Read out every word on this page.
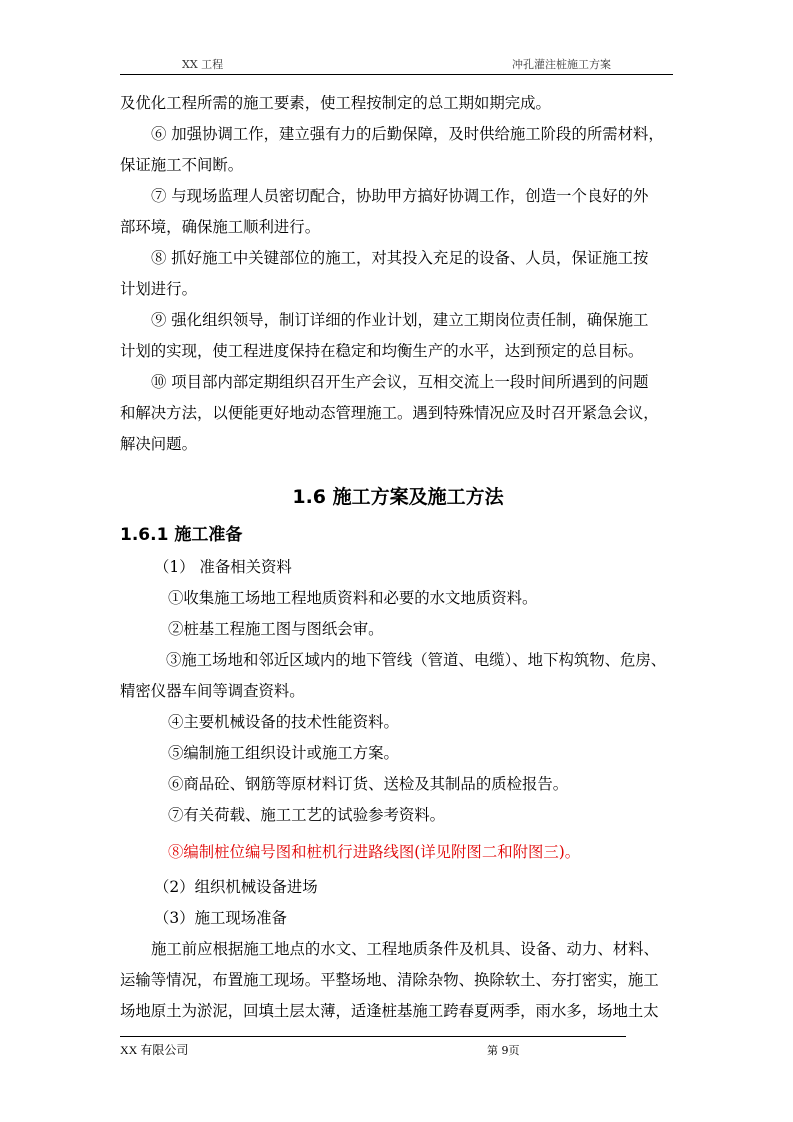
XX 工程	冲孔灌注桩施工方案

及优化工程所需的施工要素，使工程按制定的总工期如期完成。

⑥ 加强协调工作，建立强有力的后勤保障，及时供给施工阶段的所需材料，

保证施工不间断。

⑦ 与现场监理人员密切配合，协助甲方搞好协调工作，创造一个良好的外

部环境，确保施工顺利进行。

⑧ 抓好施工中关键部位的施工，对其投入充足的设备、人员，保证施工按

计划进行。

⑨ 强化组织领导，制订详细的作业计划，建立工期岗位责任制，确保施工

计划的实现，使工程进度保持在稳定和均衡生产的水平，达到预定的总目标。

⑩ 项目部内部定期组织召开生产会议，互相交流上一段时间所遇到的问题

和解决方法，以便能更好地动态管理施工。遇到特殊情况应及时召开紧急会议，

解决问题。

1.6 施工方案及施工方法
1.6.1 施工准备

（1） 准备相关资料

①收集施工场地工程地质资料和必要的水文地质资料。

②桩基工程施工图与图纸会审。

③施工场地和邻近区域内的地下管线（管道、电缆）、地下构筑物、危房、

精密仪器车间等调查资料。

④主要机械设备的技术性能资料。

⑤编制施工组织设计或施工方案。

⑥商品砼、钢筋等原材料订货、送检及其制品的质检报告。

⑦有关荷载、施工工艺的试验参考资料。

⑧编制桩位编号图和桩机行进路线图(详见附图二和附图三)。

（2）组织机械设备进场

（3）施工现场准备

施工前应根据施工地点的水文、工程地质条件及机具、设备、动力、材料、

运输等情况，布置施工现场。平整场地、清除杂物、换除软土、夯打密实，施工

场地原土为淤泥，回填土层太薄，适逢桩基施工跨春夏两季，雨水多，场地土太

XX 有限公司	第 9页
